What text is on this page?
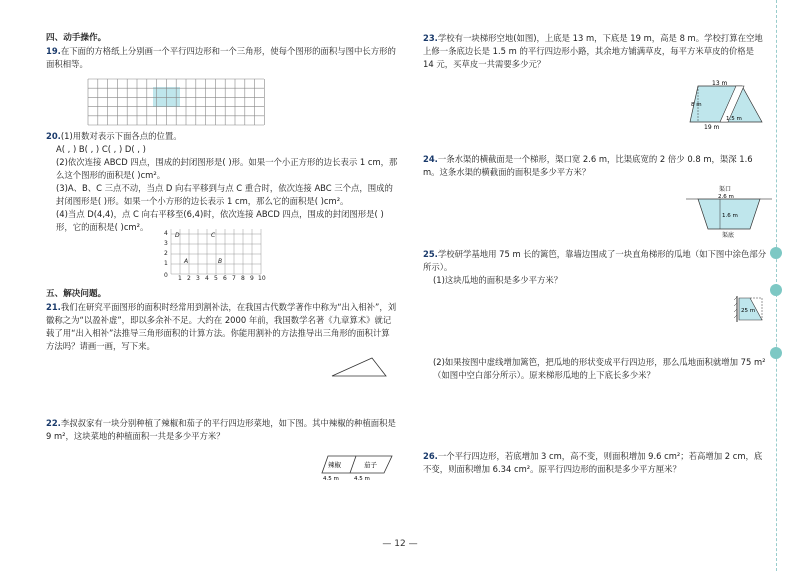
四、动手操作。

19.在下面的方格纸上分别画一个平行四边形和一个三角形，使每个图形的面积与图中长方形的面积相等。

20.(1)用数对表示下面各点的位置。

A( , ) B( , ) C( , ) D( , )

(2)依次连接 ABCD 四点，围成的封闭图形是( )形。如果一个小正方形的边长表示 1 cm，那么这个图形的面积是( )cm²。

(3)A、B、C 三点不动，当点 D 向右平移到与点 C 重合时，依次连接 ABC 三个点，围成的封闭图形是( )形。如果一个小方形的边长表示 1 cm，那么它的面积是( )cm²。

(4)当点 D(4,4)，点 C 向右平移至(6,4)时，依次连接 ABCD 四点，围成的封闭图形是( )形，它的面积是( )cm²。

0
1
2
3
4
1 2 3 4 5 6 7 8 9 10
D	C
A	B
五、解决问题。

21.我们在研究平面图形的面积时经常用到割补法，在我国古代数学著作中称为“出入相补”，刘徽称之为“以盈补虚”，即以多余补不足。大约在 2000 年前，我国数学名著《九章算术》就记载了用“出入相补”法推导三角形面积的计算方法。你能用割补的方法推导出三角形的面积计算方法吗？请画一画，写下来。

22.李叔叔家有一块分别种植了辣椒和茄子的平行四边形菜地，如下图。其中辣椒的种植面积是 9 m²，这块菜地的种植面积一共是多少平方米？

辣椒	茄子
4.5 m	4.5 m

23.学校有一块梯形空地(如图)，上底是 13 m，下底是 19 m，高是 8 m。学校打算在空地上修一条底边长是 1.5 m 的平行四边形小路，其余地方铺满草皮，每平方米草皮的价格是 14 元，买草皮一共需要多少元？

13 m
19 m
8 m
1.5 m

24.一条水渠的横截面是一个梯形，渠口宽 2.6 m，比渠底宽的 2 倍少 0.8 m，渠深 1.6 m。这条水渠的横截面的面积是多少平方米？

渠口
2.6 m
1.6 m
渠底

25.学校研学基地用 75 m 长的篱笆，靠墙边围成了一块直角梯形的瓜地（如下图中涂色部分所示）。

(1)这块瓜地的面积是多少平方米？

25 m

(2)如果按图中虚线增加篱笆，把瓜地的形状变成平行四边形，那么瓜地面积就增加 75 m²（如图中空白部分所示）。原来梯形瓜地的上下底长多少米？

26.一个平行四边形，若底增加 3 cm，高不变，则面积增加 9.6 cm²；若高增加 2 cm，底不变，则面积增加 6.34 cm²。原平行四边形的面积是多少平方厘米？

— 12 —
